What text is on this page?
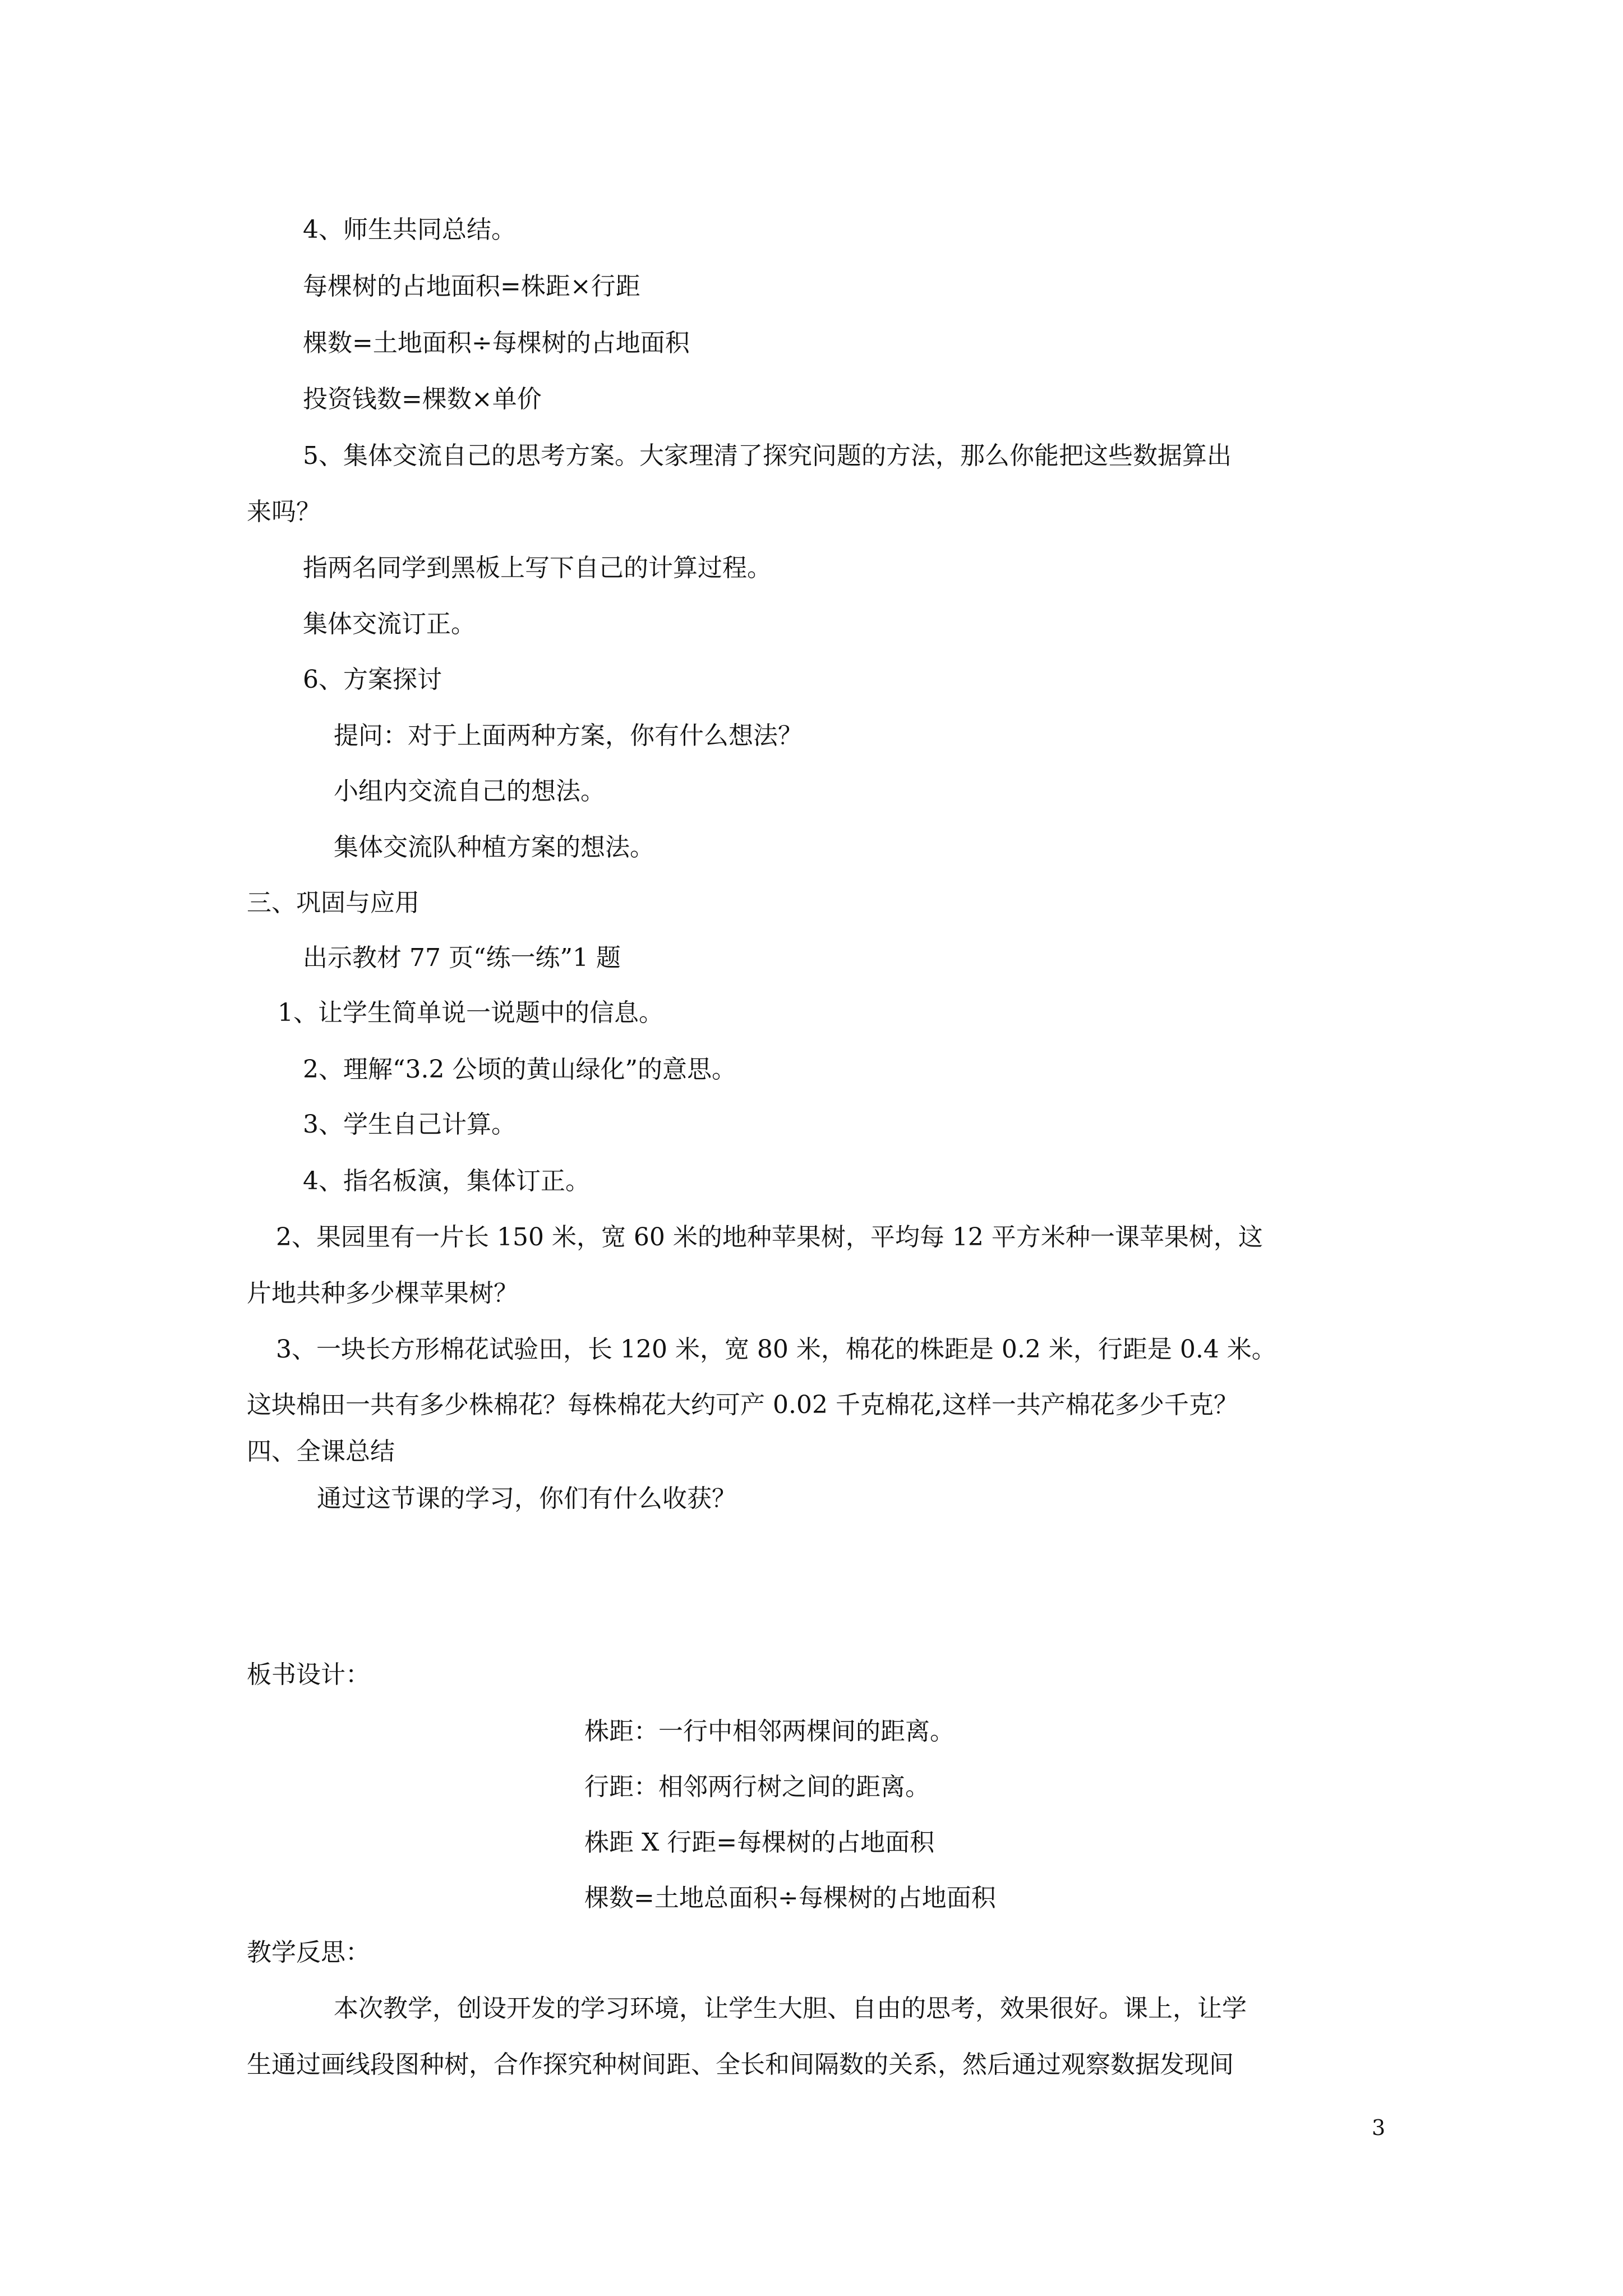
4、师生共同总结。
每棵树的占地面积=株距×行距
棵数=土地面积÷每棵树的占地面积
投资钱数=棵数×单价
5、集体交流自己的思考方案。大家理清了探究问题的方法，那么你能把这些数据算出
来吗？
指两名同学到黑板上写下自己的计算过程。
集体交流订正。
6、方案探讨
提问：对于上面两种方案，你有什么想法？
小组内交流自己的想法。
集体交流队种植方案的想法。
三、巩固与应用
出示教材 77 页“练一练”1 题
1、让学生简单说一说题中的信息。
2、理解“3.2 公顷的黄山绿化”的意思。
3、学生自己计算。
4、指名板演，集体订正。
2、果园里有一片长 150 米，宽 60 米的地种苹果树，平均每 12 平方米种一课苹果树，这
片地共种多少棵苹果树？
3、一块长方形棉花试验田，长 120 米，宽 80 米，棉花的株距是 0.2 米，行距是 0.4 米。
这块棉田一共有多少株棉花？每株棉花大约可产 0.02 千克棉花,这样一共产棉花多少千克？
四、全课总结
通过这节课的学习，你们有什么收获？
板书设计：
株距：一行中相邻两棵间的距离。
行距：相邻两行树之间的距离。
株距 X 行距=每棵树的占地面积
棵数=土地总面积÷每棵树的占地面积
教学反思：
本次教学，创设开发的学习环境，让学生大胆、自由的思考，效果很好。课上，让学
生通过画线段图种树，合作探究种树间距、全长和间隔数的关系，然后通过观察数据发现间
3
